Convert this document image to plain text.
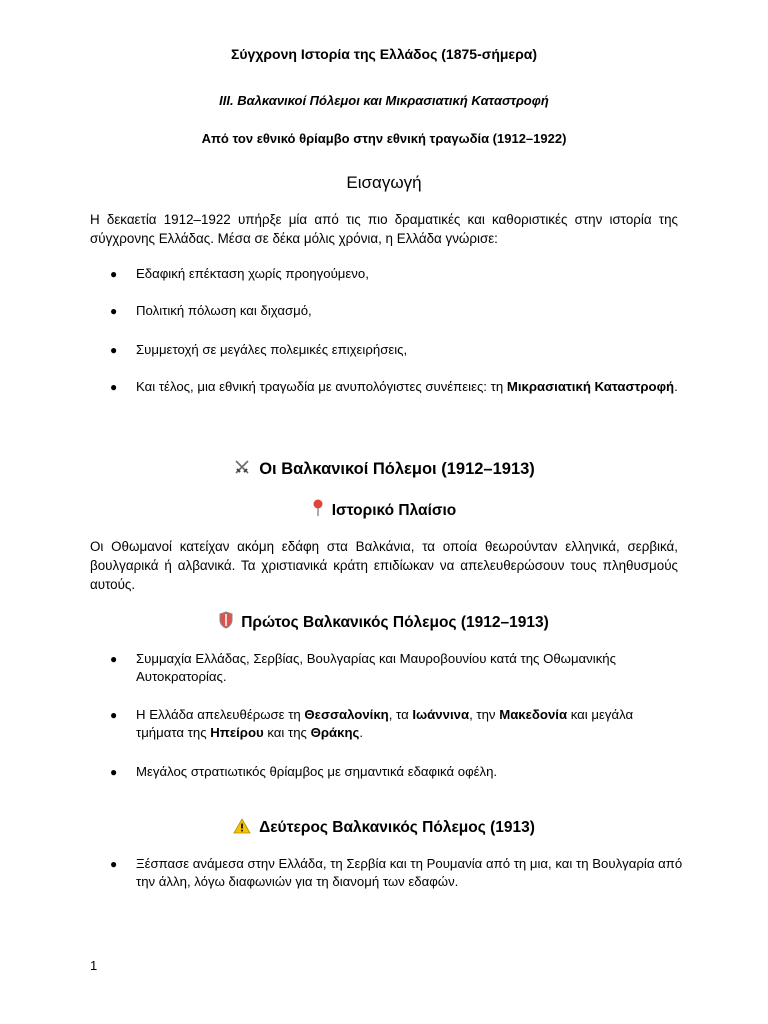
Σύγχρονη Ιστορία της Ελλάδος (1875-σήμερα)
III. Βαλκανικοί Πόλεμοι και Μικρασιατική Καταστροφή
Από τον εθνικό θρίαμβο στην εθνική τραγωδία (1912–1922)
Εισαγωγή

Η δεκαετία 1912–1922 υπήρξε μία από τις πιο δραματικές και καθοριστικές στην ιστορία της σύγχρονης Ελλάδας. Μέσα σε δέκα μόλις χρόνια, η Ελλάδα γνώρισε:

● Εδαφική επέκταση χωρίς προηγούμενο,
● Πολιτική πόλωση και διχασμό,
● Συμμετοχή σε μεγάλες πολεμικές επιχειρήσεις,
● Και τέλος, μια εθνική τραγωδία με ανυπολόγιστες συνέπειες: τη Μικρασιατική Καταστροφή.
Οι Βαλκανικοί Πόλεμοι (1912–1913)
Ιστορικό Πλαίσιο

Οι Οθωμανοί κατείχαν ακόμη εδάφη στα Βαλκάνια, τα οποία θεωρούνταν ελληνικά, σερβικά, βουλγαρικά ή αλβανικά. Τα χριστιανικά κράτη επιδίωκαν να απελευθερώσουν τους πληθυσμούς αυτούς.

Πρώτος Βαλκανικός Πόλεμος (1912–1913)
● Συμμαχία Ελλάδας, Σερβίας, Βουλγαρίας και Μαυροβουνίου κατά της Οθωμανικής Αυτοκρατορίας.
● Η Ελλάδα απελευθέρωσε τη Θεσσαλονίκη, τα Ιωάννινα, την Μακεδονία και μεγάλα τμήματα της Ηπείρου και της Θράκης.
● Μεγάλος στρατιωτικός θρίαμβος με σημαντικά εδαφικά οφέλη.
Δεύτερος Βαλκανικός Πόλεμος (1913)
● Ξέσπασε ανάμεσα στην Ελλάδα, τη Σερβία και τη Ρουμανία από τη μια, και τη Βουλγαρία από την άλλη, λόγω διαφωνιών για τη διανομή των εδαφών.
1
